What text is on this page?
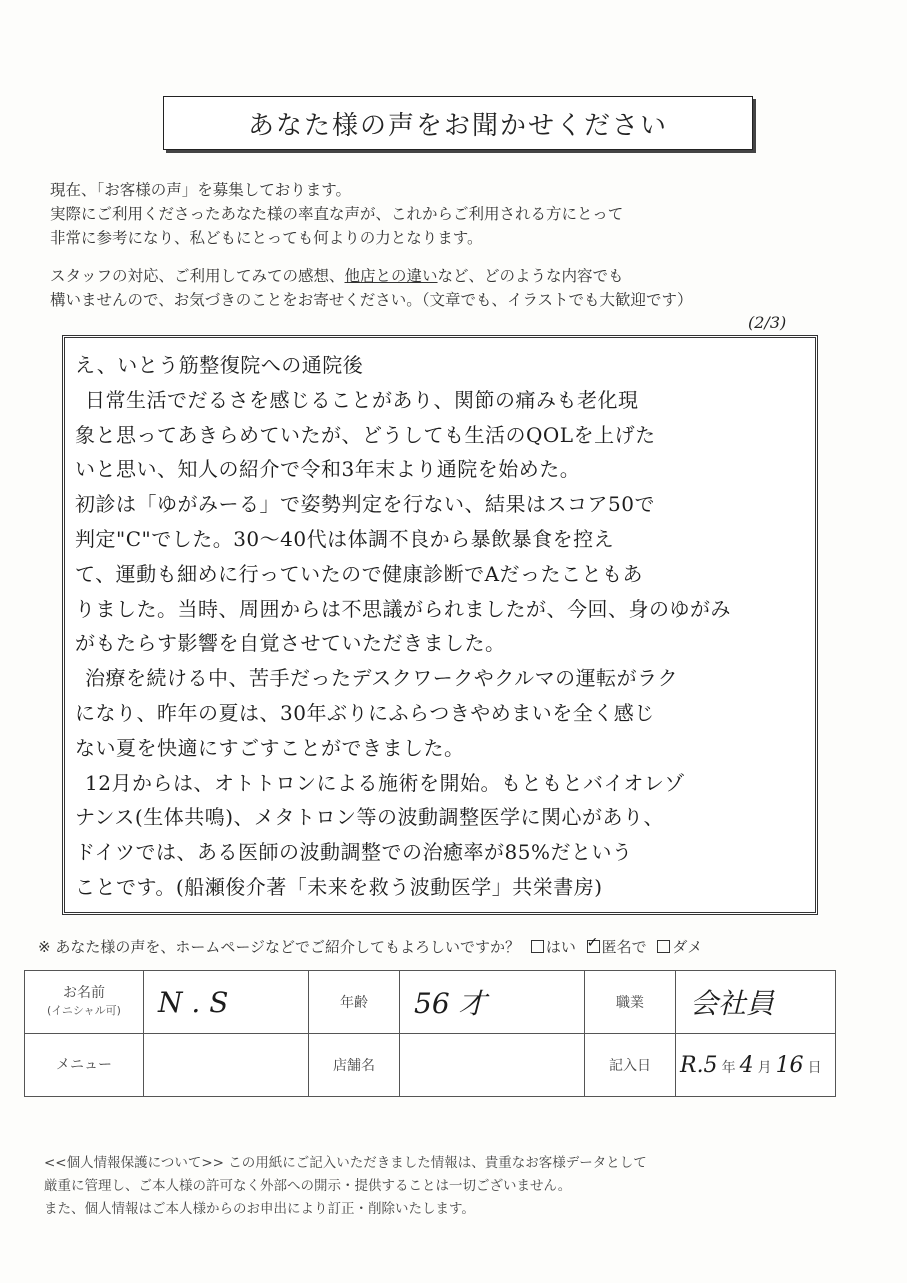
あなた様の声をお聞かせください

現在、「お客様の声」を募集しております。

実際にご利用くださったあなた様の率直な声が、これからご利用される方にとって

非常に参考になり、私どもにとっても何よりの力となります。

スタッフの対応、ご利用してみての感想、他店との違いなど、どのような内容でも

構いませんので、お気づきのことをお寄せください。（文章でも、イラストでも大歓迎です）

(2/3)

え、いとう筋整復院への通院後

日常生活でだるさを感じることがあり、関節の痛みも老化現

象と思ってあきらめていたが、どうしても生活のQOLを上げた

いと思い、知人の紹介で令和3年末より通院を始めた。

初診は「ゆがみーる」で姿勢判定を行ない、結果はスコア50で

判定"C"でした。30～40代は体調不良から暴飲暴食を控え

て、運動も細めに行っていたので健康診断でAだったこともあ

りました。当時、周囲からは不思議がられましたが、今回、身のゆがみ

がもたらす影響を自覚させていただきました。

治療を続ける中、苦手だったデスクワークやクルマの運転がラク

になり、昨年の夏は、30年ぶりにふらつきやめまいを全く感じ

ない夏を快適にすごすことができました。

12月からは、オトトロンによる施術を開始。もともとバイオレゾ

ナンス(生体共鳴)、メタトロン等の波動調整医学に関心があり、

ドイツでは、ある医師の波動調整での治癒率が85%だという

ことです。(船瀬俊介著「未来を救う波動医学」共栄書房)

※ あなた様の声を、ホームページなどでご紹介してもよろしいですか？ はい ✓ 匿名で ダメ
お名前
(イニシャル可)	N . S	年齢	56 才	職業	会社員
メニュー		店舗名		記入日	R.5 年 4 月 16 日

<<個人情報保護について>> この用紙にご記入いただきました情報は、貴重なお客様データとして

厳重に管理し、ご本人様の許可なく外部への開示・提供することは一切ございません。

また、個人情報はご本人様からのお申出により訂正・削除いたします。
